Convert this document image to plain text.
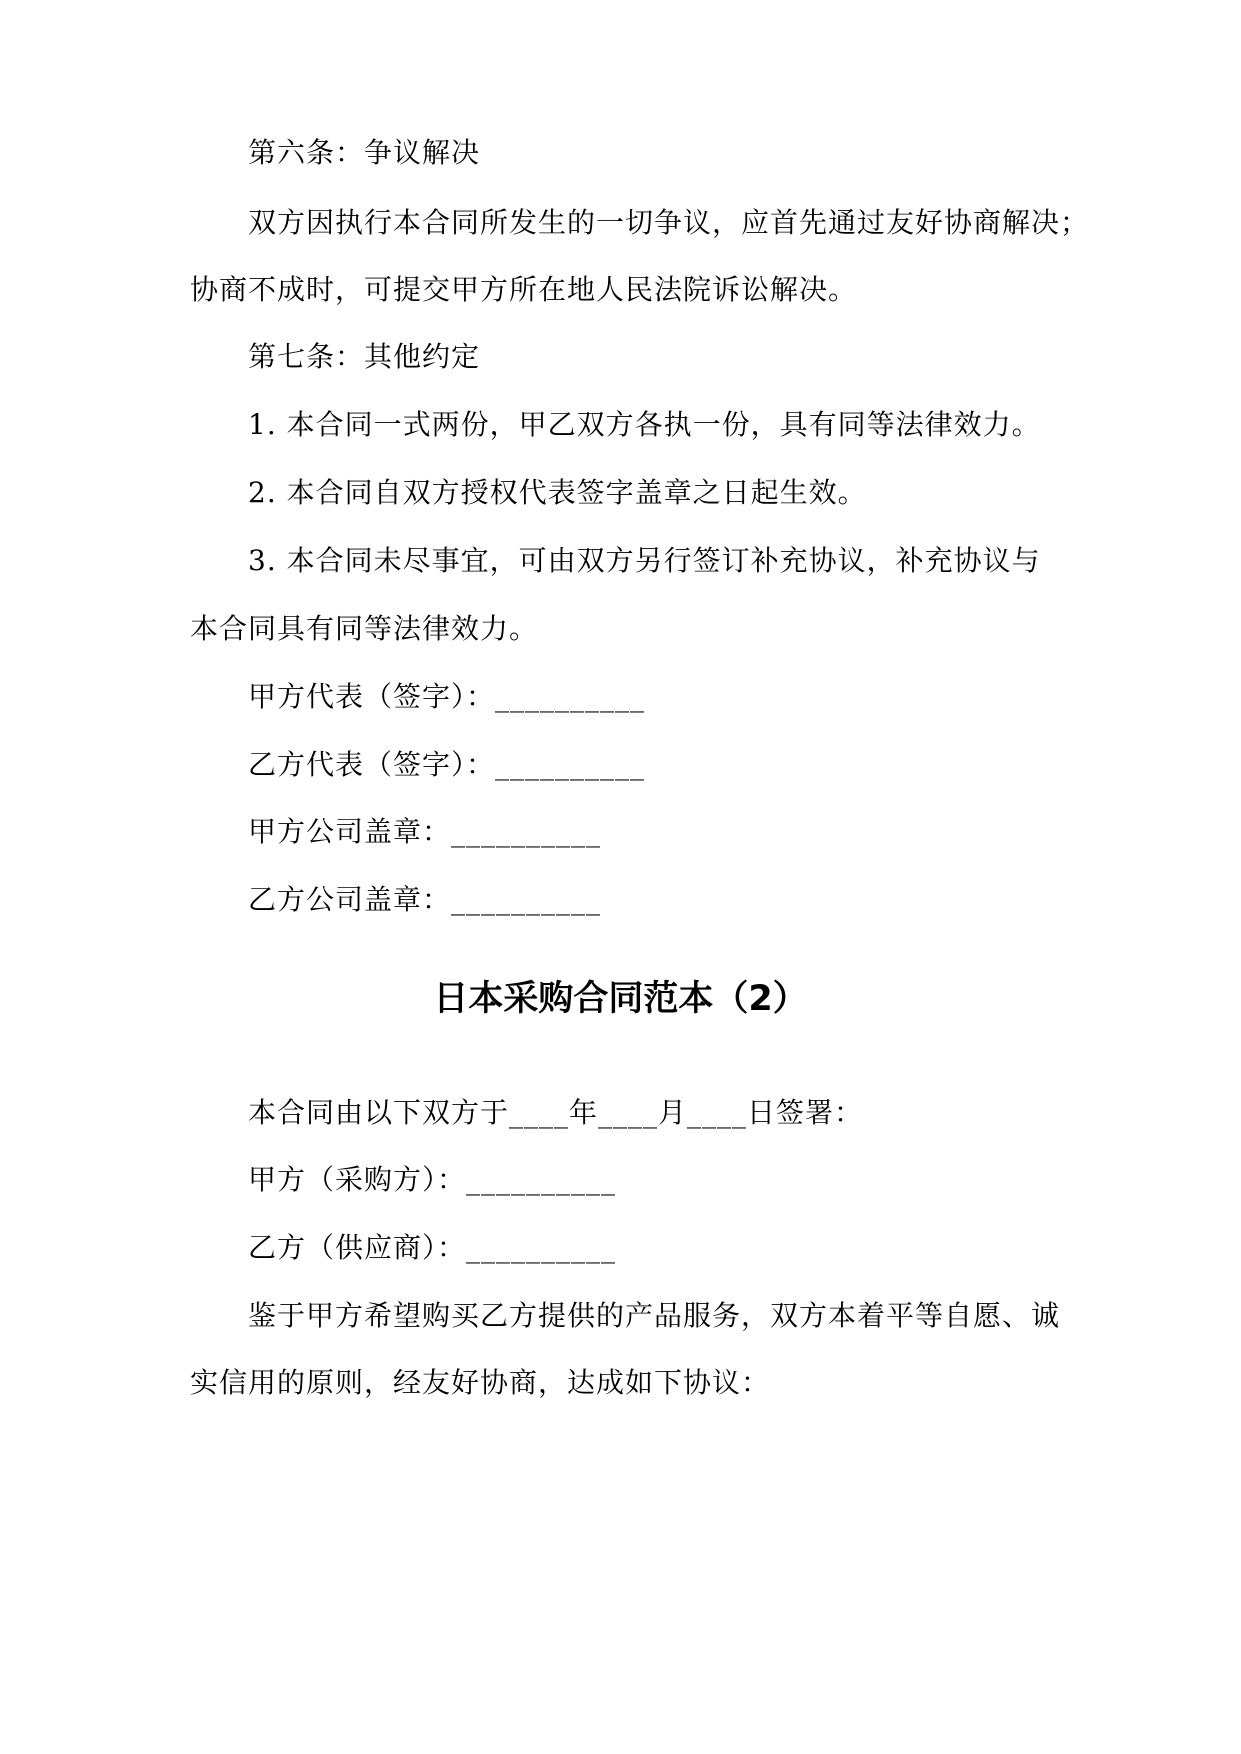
第六条：争议解决
双方因执行本合同所发生的一切争议，应首先通过友好协商解决；
协商不成时，可提交甲方所在地人民法院诉讼解决。
第七条：其他约定
1. 本合同一式两份，甲乙双方各执一份，具有同等法律效力。
2. 本合同自双方授权代表签字盖章之日起生效。
3. 本合同未尽事宜，可由双方另行签订补充协议，补充协议与
本合同具有同等法律效力。
甲方代表（签字）：__________
乙方代表（签字）：__________
甲方公司盖章：__________
乙方公司盖章：__________
日本采购合同范本（2）
本合同由以下双方于____年____月____日签署：
甲方（采购方）：__________
乙方（供应商）：__________
鉴于甲方希望购买乙方提供的产品服务，双方本着平等自愿、诚
实信用的原则，经友好协商，达成如下协议：
